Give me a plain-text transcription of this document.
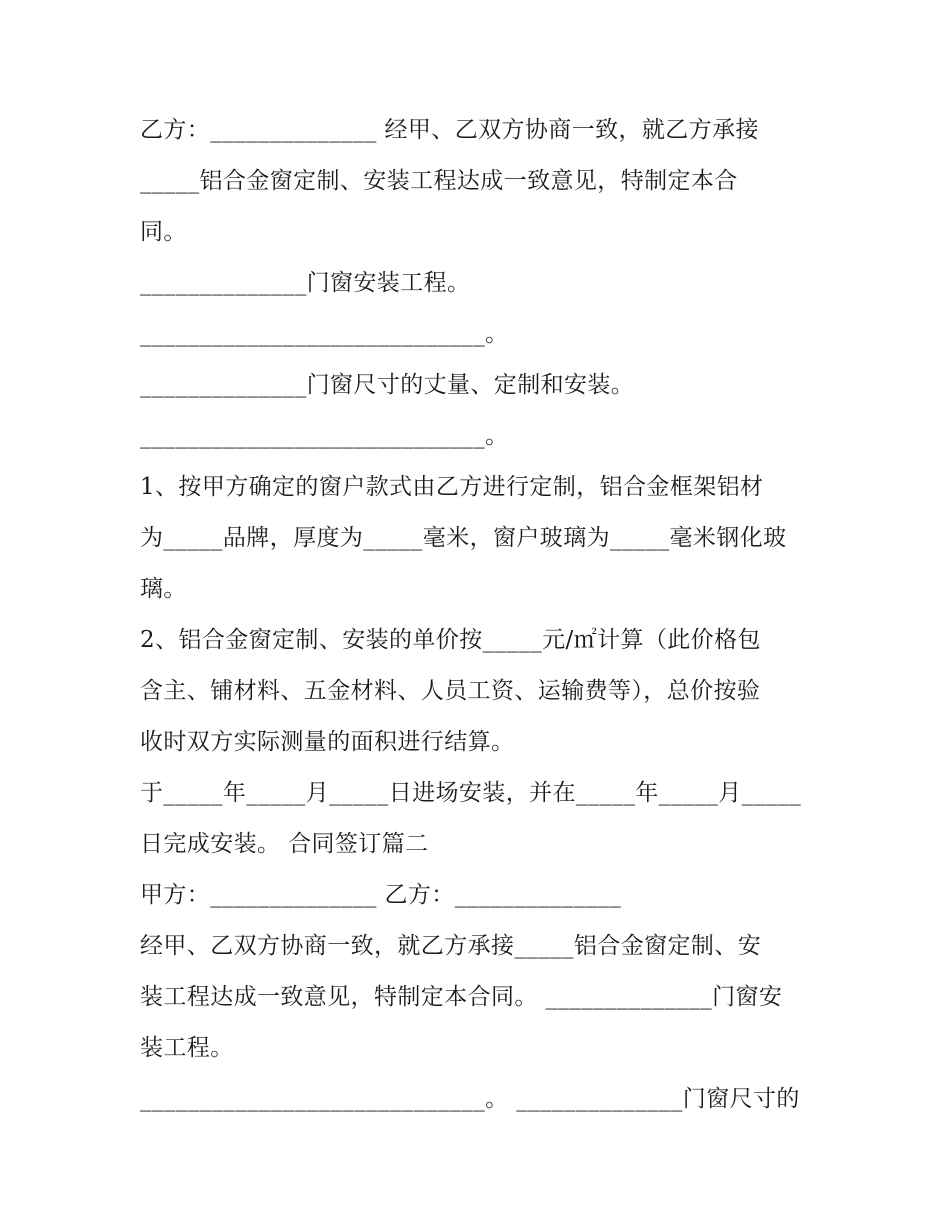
乙方：______________ 经甲、乙双方协商一致，就乙方承接
_____铝合金窗定制、安装工程达成一致意见，特制定本合
同。
______________门窗安装工程。
_____________________________。
______________门窗尺寸的丈量、定制和安装。
_____________________________。
1、按甲方确定的窗户款式由乙方进行定制，铝合金框架铝材
为_____品牌，厚度为_____毫米，窗户玻璃为_____毫米钢化玻
璃。
2、铝合金窗定制、安装的单价按_____元/㎡计算（此价格包
含主、铺材料、五金材料、人员工资、运输费等），总价按验
收时双方实际测量的面积进行结算。
于_____年_____月_____日进场安装，并在_____年_____月_____
日完成安装。 合同签订篇二
甲方：______________ 乙方：______________
经甲、乙双方协商一致，就乙方承接_____铝合金窗定制、安
装工程达成一致意见，特制定本合同。 ______________门窗安
装工程。
_____________________________。 ______________门窗尺寸的
